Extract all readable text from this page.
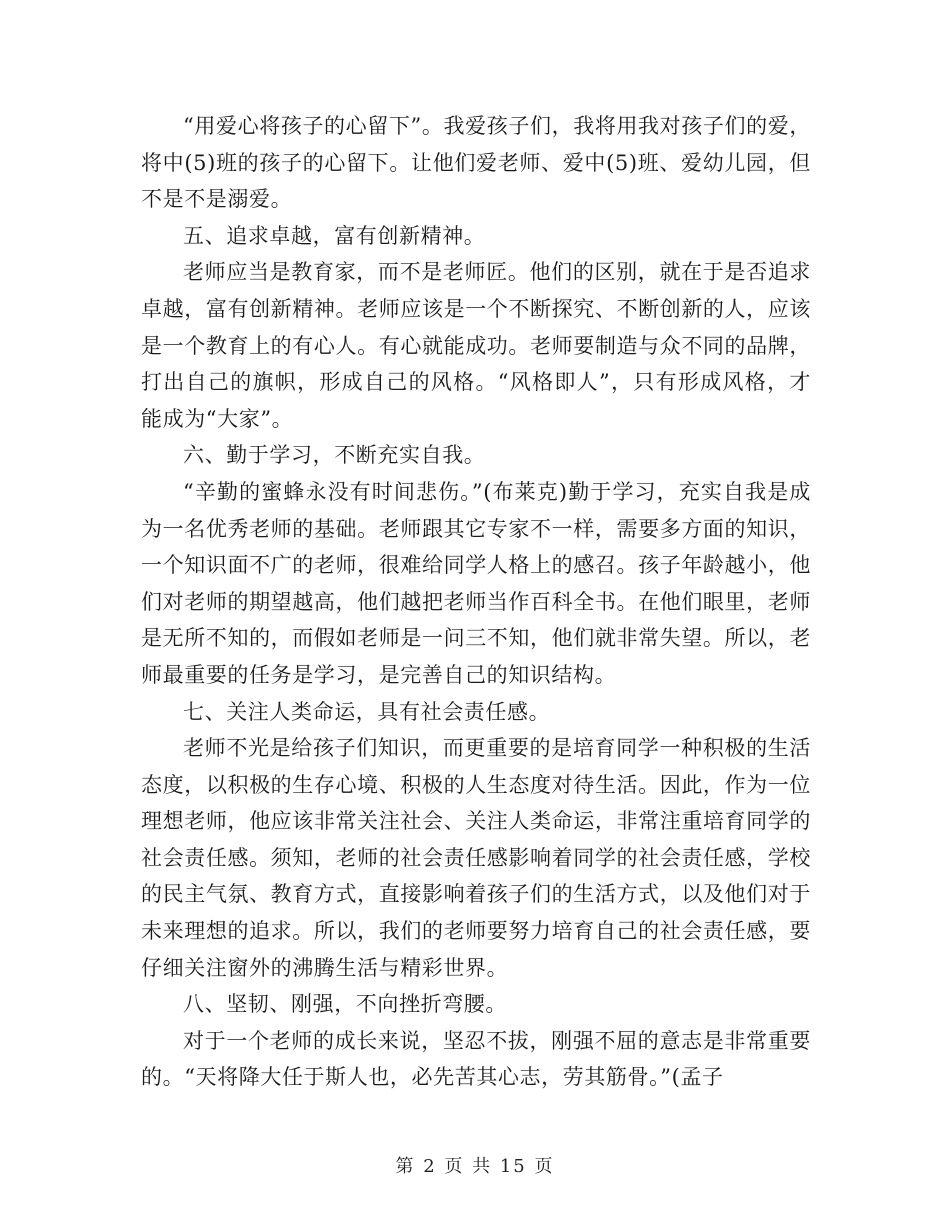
“用爱心将孩子的心留下”。我爱孩子们，我将用我对孩子们的爱，将中(5)班的孩子的心留下。让他们爱老师、爱中(5)班、爱幼儿园，但不是不是溺爱。

五、追求卓越，富有创新精神。

老师应当是教育家，而不是老师匠。他们的区别，就在于是否追求卓越，富有创新精神。老师应该是一个不断探究、不断创新的人，应该是一个教育上的有心人。有心就能成功。老师要制造与众不同的品牌，打出自己的旗帜，形成自己的风格。“风格即人”，只有形成风格，才能成为“大家”。

六、勤于学习，不断充实自我。

“辛勤的蜜蜂永没有时间悲伤。”(布莱克)勤于学习，充实自我是成为一名优秀老师的基础。老师跟其它专家不一样，需要多方面的知识，一个知识面不广的老师，很难给同学人格上的感召。孩子年龄越小，他们对老师的期望越高，他们越把老师当作百科全书。在他们眼里，老师是无所不知的，而假如老师是一问三不知，他们就非常失望。所以，老师最重要的任务是学习，是完善自己的知识结构。

七、关注人类命运，具有社会责任感。

老师不光是给孩子们知识，而更重要的是培育同学一种积极的生活态度，以积极的生存心境、积极的人生态度对待生活。因此，作为一位理想老师，他应该非常关注社会、关注人类命运，非常注重培育同学的社会责任感。须知，老师的社会责任感影响着同学的社会责任感，学校的民主气氛、教育方式，直接影响着孩子们的生活方式，以及他们对于未来理想的追求。所以，我们的老师要努力培育自己的社会责任感，要仔细关注窗外的沸腾生活与精彩世界。

八、坚韧、刚强，不向挫折弯腰。

对于一个老师的成长来说，坚忍不拔，刚强不屈的意志是非常重要的。“天将降大任于斯人也，必先苦其心志，劳其筋骨。”(孟子

第 2 页 共 15 页
